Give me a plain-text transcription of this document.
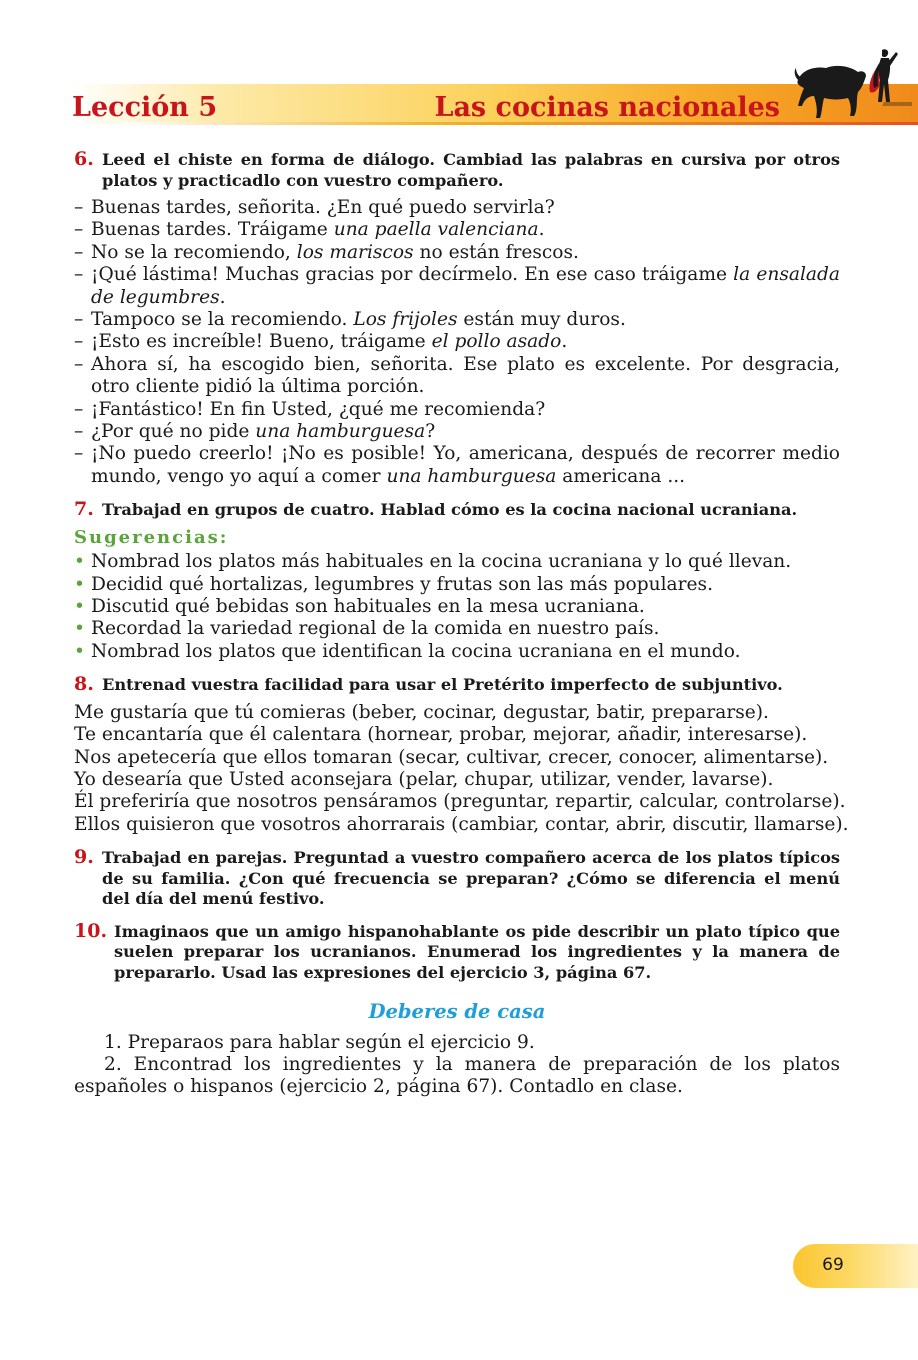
Lección 5	Las cocinas nacionales
6. Leed el chiste en forma de diálogo. Cambiad las palabras en cursiva por otros platos y practicadlo con vuestro compañero.
– Buenas tardes, señorita. ¿En qué puedo servirla?
– Buenas tardes. Tráigame una paella valenciana.
– No se la recomiendo, los mariscos no están frescos.
– ¡Qué lástima! Muchas gracias por decírmelo. En ese caso tráigame la ensalada de legumbres.
– Tampoco se la recomiendo. Los frijoles están muy duros.
– ¡Esto es increíble! Bueno, tráigame el pollo asado.
– Ahora sí, ha escogido bien, señorita. Ese plato es excelente. Por desgracia, otro cliente pidió la última porción.
– ¡Fantástico! En fin Usted, ¿qué me recomienda?
– ¿Por qué no pide una hamburguesa?
– ¡No puedo creerlo! ¡No es posible! Yo, americana, después de recorrer medio mundo, vengo yo aquí a comer una hamburguesa americana ...
7. Trabajad en grupos de cuatro. Hablad cómo es la cocina nacional ucraniana.
Sugerencias:
• Nombrad los platos más habituales en la cocina ucraniana y lo qué llevan.
• Decidid qué hortalizas, legumbres y frutas son las más populares.
• Discutid qué bebidas son habituales en la mesa ucraniana.
• Recordad la variedad regional de la comida en nuestro país.
• Nombrad los platos que identifican la cocina ucraniana en el mundo.
8. Entrenad vuestra facilidad para usar el Pretérito imperfecto de subjuntivo.
Me gustaría que tú comieras (beber, cocinar, degustar, batir, prepararse).
Te encantaría que él calentara (hornear, probar, mejorar, añadir, interesarse).
Nos apetecería que ellos tomaran (secar, cultivar, crecer, conocer, alimentarse).
Yo desearía que Usted aconsejara (pelar, chupar, utilizar, vender, lavarse).
Él preferiría que nosotros pensáramos (preguntar, repartir, calcular, controlarse).
Ellos quisieron que vosotros ahorrarais (cambiar, contar, abrir, discutir, llamarse).
9. Trabajad en parejas. Preguntad a vuestro compañero acerca de los platos típicos de su familia. ¿Con qué frecuencia se preparan? ¿Cómo se diferencia el menú del día del menú festivo.
10. Imaginaos que un amigo hispanohablante os pide describir un plato típico que suelen preparar los ucranianos. Enumerad los ingredientes y la manera de prepararlo. Usad las expresiones del ejercicio 3, página 67.
Deberes de casa
1. Preparaos para hablar según el ejercicio 9.
2. Encontrad los ingredientes y la manera de preparación de los platos españoles o hispanos (ejercicio 2, página 67). Contadlo en clase.
69
